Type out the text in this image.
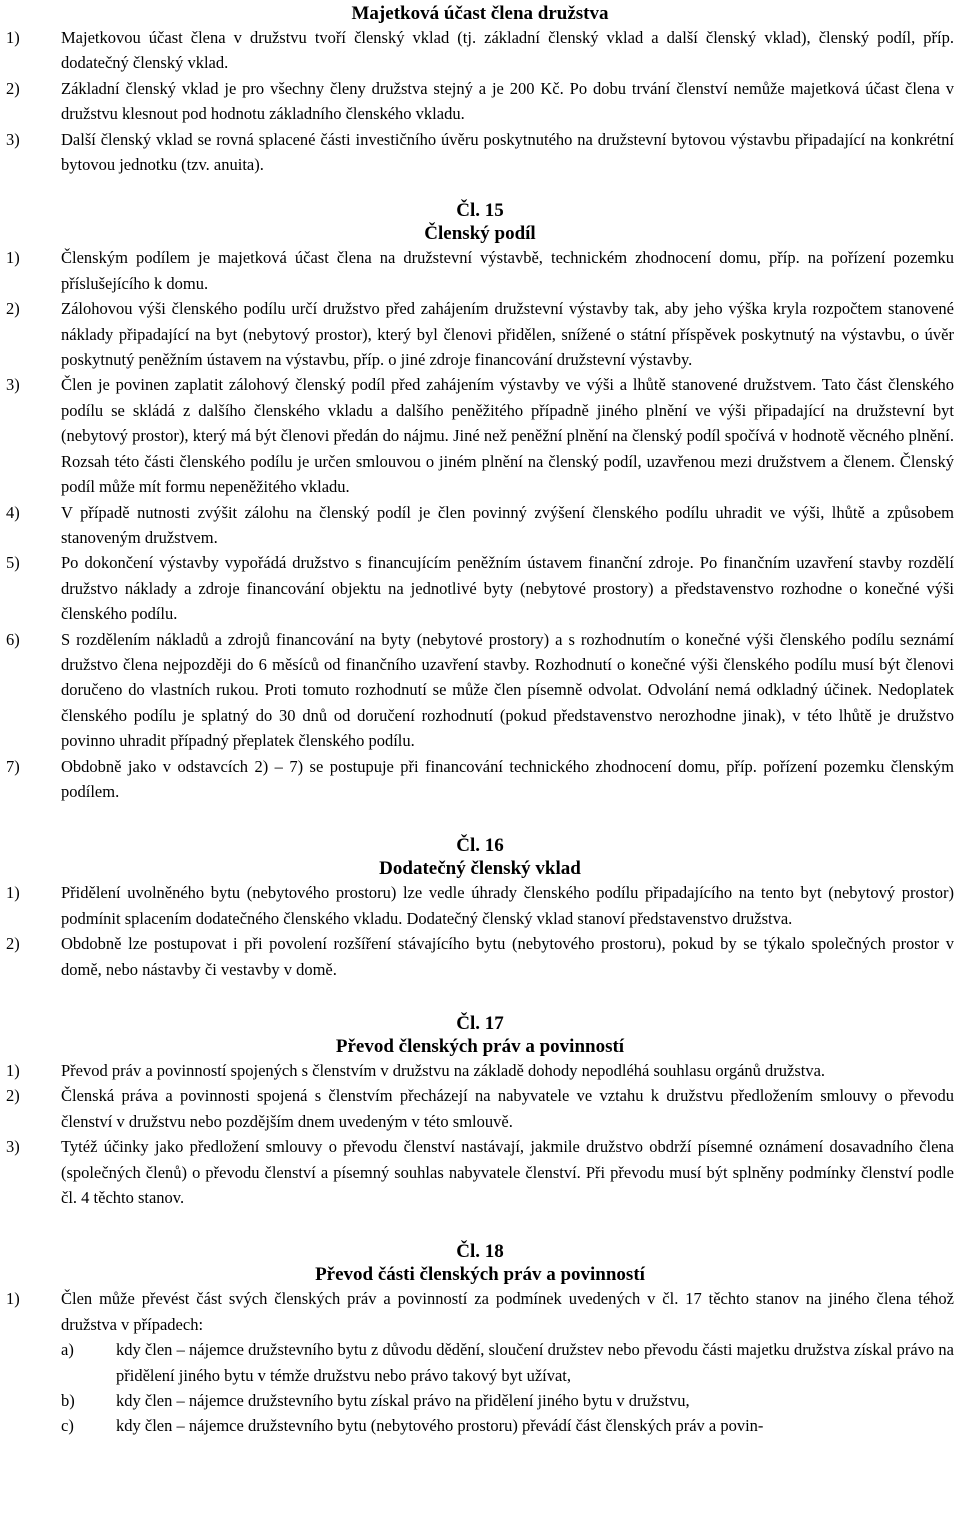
Majetková účast člena družstva
1)	Majetkovou účast člena v družstvu tvoří členský vklad (tj. základní členský vklad a další členský vklad), členský podíl, příp. dodatečný členský vklad.
2)	Základní členský vklad je pro všechny členy družstva stejný a je 200 Kč. Po dobu trvání členství nemůže majetková účast člena v družstvu klesnout pod hodnotu základního členského vkladu.
3)	Další členský vklad se rovná splacené části investičního úvěru poskytnutého na družstevní bytovou výstavbu připadající na konkrétní bytovou jednotku (tzv. anuita).
Čl. 15
Členský podíl
1)	Členským podílem je majetková účast člena na družstevní výstavbě, technickém zhodnocení domu, příp. na pořízení pozemku příslušejícího k domu.
2)	Zálohovou výši členského podílu určí družstvo před zahájením družstevní výstavby tak, aby jeho výška kryla rozpočtem stanovené náklady připadající na byt (nebytový prostor), který byl členovi přidělen, snížené o státní příspěvek poskytnutý na výstavbu, o úvěr poskytnutý peněžním ústavem na výstavbu, příp. o jiné zdroje financování družstevní výstavby.
3)	Člen je povinen zaplatit zálohový členský podíl před zahájením výstavby ve výši a lhůtě stanovené družstvem. Tato část členského podílu se skládá z dalšího členského vkladu a dalšího peněžitého případně jiného plnění ve výši připadající na družstevní byt (nebytový prostor), který má být členovi předán do nájmu. Jiné než peněžní plnění na členský podíl spočívá v hodnotě věcného plnění. Rozsah této části členského podílu je určen smlouvou o jiném plnění na členský podíl, uzavřenou mezi družstvem a členem. Členský podíl může mít formu nepeněžitého vkladu.
4)	V případě nutnosti zvýšit zálohu na členský podíl je člen povinný zvýšení členského podílu uhradit ve výši, lhůtě a způsobem stanoveným družstvem.
5)	Po dokončení výstavby vypořádá družstvo s financujícím peněžním ústavem finanční zdroje. Po finančním uzavření stavby rozdělí družstvo náklady a zdroje financování objektu na jednotlivé byty (nebytové prostory) a představenstvo rozhodne o konečné výši členského podílu.
6)	S rozdělením nákladů a zdrojů financování na byty (nebytové prostory) a s rozhodnutím o konečné výši členského podílu seznámí družstvo člena nejpozději do 6 měsíců od finančního uzavření stavby. Rozhodnutí o konečné výši členského podílu musí být členovi doručeno do vlastních rukou. Proti tomuto rozhodnutí se může člen písemně odvolat. Odvolání nemá odkladný účinek. Nedoplatek členského podílu je splatný do 30 dnů od doručení rozhodnutí (pokud představenstvo nerozhodne jinak), v této lhůtě je družstvo povinno uhradit případný přeplatek členského podílu.
7)	Obdobně jako v odstavcích 2) – 7) se postupuje při financování technického zhodnocení domu, příp. pořízení pozemku členským podílem.
Čl. 16
Dodatečný členský vklad
1)	Přidělení uvolněného bytu (nebytového prostoru) lze vedle úhrady členského podílu připadajícího na tento byt (nebytový prostor) podmínit splacením dodatečného členského vkladu. Dodatečný členský vklad stanoví představenstvo družstva.
2)	Obdobně lze postupovat i při povolení rozšíření stávajícího bytu (nebytového prostoru), pokud by se týkalo společných prostor v domě, nebo nástavby či vestavby v domě.
Čl. 17
Převod členských práv a povinností
1)	Převod práv a povinností spojených s členstvím v družstvu na základě dohody nepodléhá souhlasu orgánů družstva.
2)	Členská práva a povinnosti spojená s členstvím přecházejí na nabyvatele ve vztahu k družstvu předložením smlouvy o převodu členství v družstvu nebo pozdějším dnem uvedeným v této smlouvě.
3)	Tytéž účinky jako předložení smlouvy o převodu členství nastávají, jakmile družstvo obdrží písemné oznámení dosavadního člena (společných členů) o převodu členství a písemný souhlas nabyvatele členství. Při převodu musí být splněny podmínky členství podle čl. 4 těchto stanov.
Čl. 18
Převod části členských práv a povinností
1)	Člen může převést část svých členských práv a povinností za podmínek uvedených v čl. 17 těchto stanov na jiného člena téhož družstva v případech:
a)	kdy člen – nájemce družstevního bytu z důvodu dědění, sloučení družstev nebo převodu části majetku družstva získal právo na přidělení jiného bytu v témže družstvu nebo právo takový byt užívat,
b)	kdy člen – nájemce družstevního bytu získal právo na přidělení jiného bytu v družstvu,
c)	kdy člen – nájemce družstevního bytu (nebytového prostoru) převádí část členských práv a povin-
